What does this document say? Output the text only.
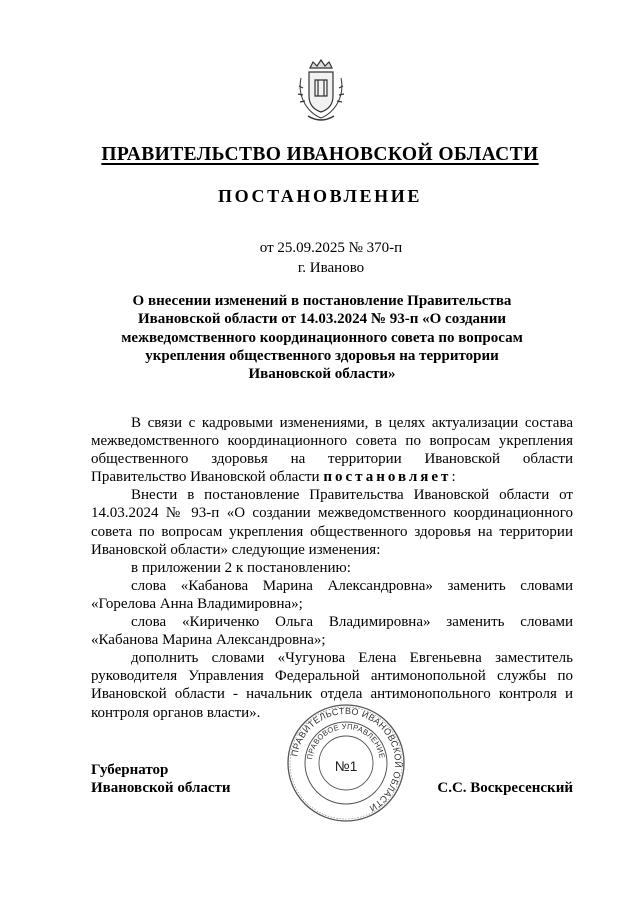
ПРАВИТЕЛЬСТВО ИВАНОВСКОЙ ОБЛАСТИ
ПОСТАНОВЛЕНИЕ
от 25.09.2025 № 370-п
г. Иваново
О внесении изменений в постановление Правительства Ивановской области от 14.03.2024 № 93-п «О создании межведомственного координационного совета по вопросам укрепления общественного здоровья на территории Ивановской области»

В связи с кадровыми изменениями, в целях актуализации состава межведомственного координационного совета по вопросам укрепления общественного здоровья на территории Ивановской области Правительство Ивановской области постановляет:

Внести в постановление Правительства Ивановской области от 14.03.2024 № 93-п «О создании межведомственного координационного совета по вопросам укрепления общественного здоровья на территории Ивановской области» следующие изменения:

в приложении 2 к постановлению:

слова «Кабанова Марина Александровна» заменить словами «Горелова Анна Владимировна»;

слова «Кириченко Ольга Владимировна» заменить словами «Кабанова Марина Александровна»;

дополнить словами «Чугунова Елена Евгеньевна заместитель руководителя Управления Федеральной антимонопольной службы по Ивановской области - начальник отдела антимонопольного контроля и контроля органов власти».

Губернатор
Ивановской области
ПРАВИТЕЛЬСТВО ИВАНОВСКОЙ ОБЛАСТИ
ПРАВОВОЕ УПРАВЛЕНИЕ
№1
С.С. Воскресенский
